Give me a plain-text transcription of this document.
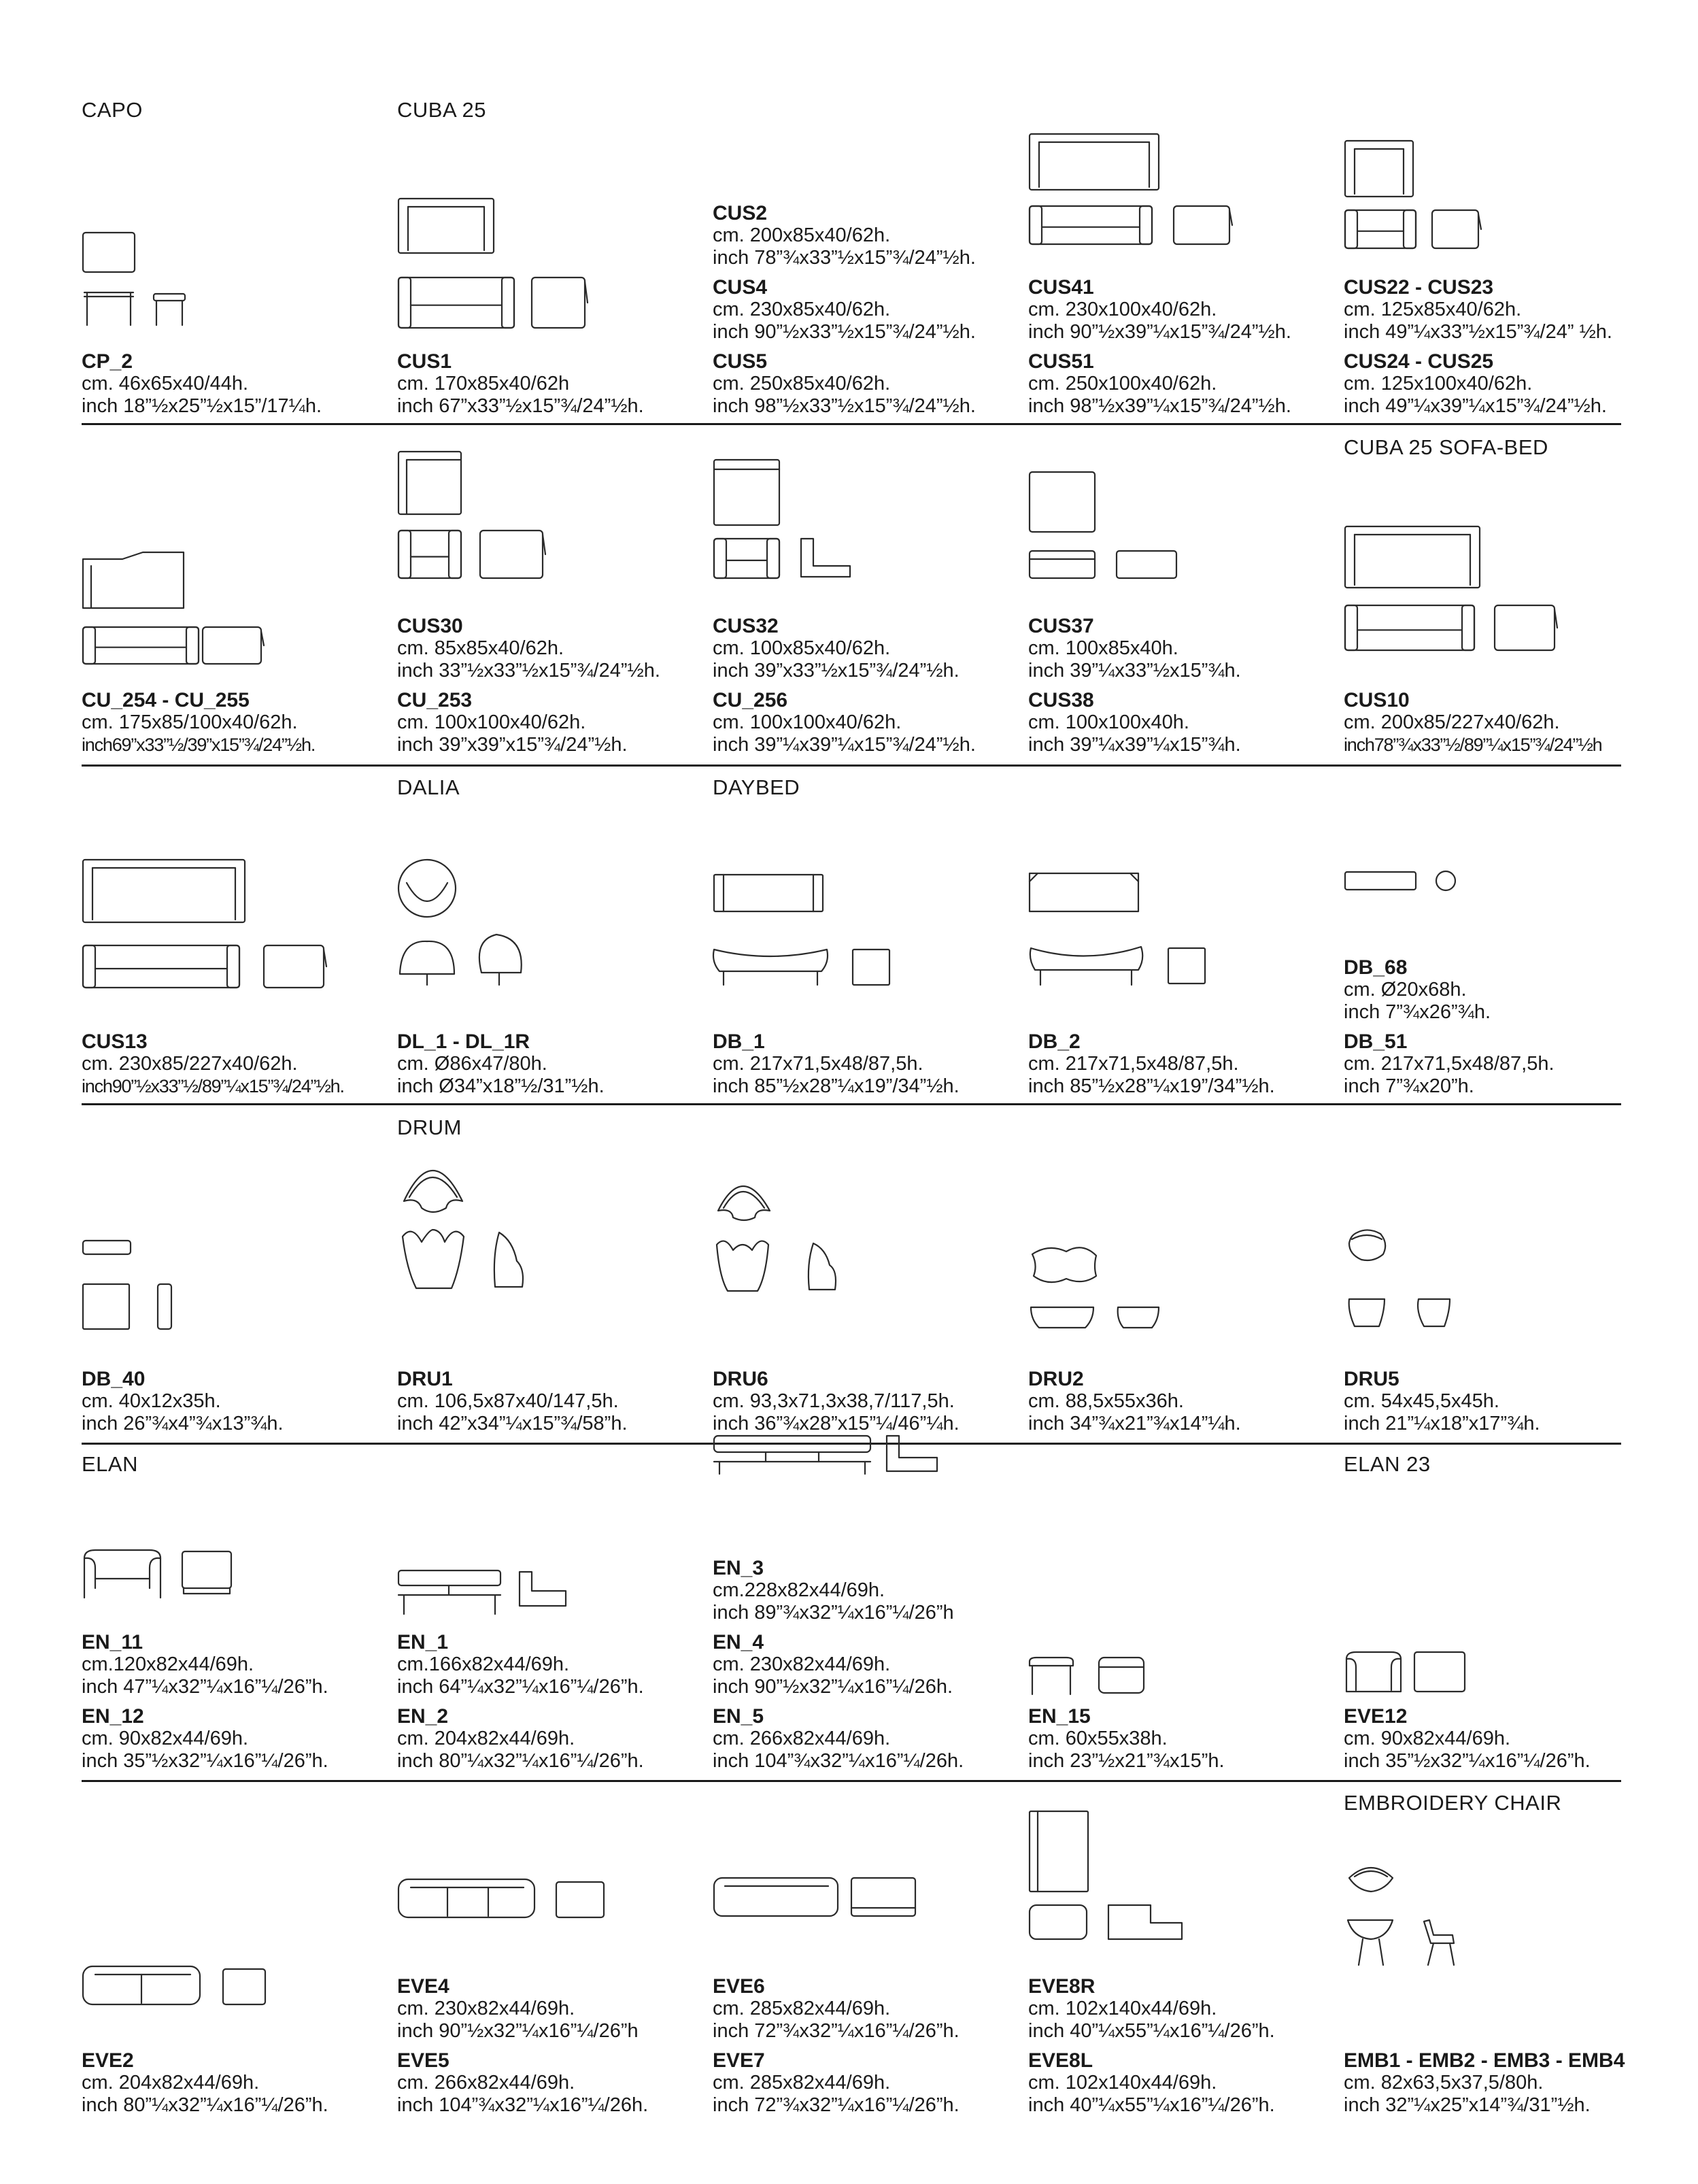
CAPO
CP_2
cm. 46x65x40/44h.
inch 18”½x25”½x15”/17¼h.
CUBA 25
CUS1
cm. 170x85x40/62h
inch 67”x33”½x15”¾/24”½h.
CUS2
cm. 200x85x40/62h.
inch 78”¾x33”½x15”¾/24”½h.
CUS4
cm. 230x85x40/62h.
inch 90”½x33”½x15”¾/24”½h.
CUS5
cm. 250x85x40/62h.
inch 98”½x33”½x15”¾/24”½h.
CUS41
cm. 230x100x40/62h.
inch 90”½x39”¼x15”¾/24”½h.
CUS51
cm. 250x100x40/62h.
inch 98”½x39”¼x15”¾/24”½h.
CUS22 - CUS23
cm. 125x85x40/62h.
inch 49”¼x33”½x15”¾/24” ½h.
CUS24 - CUS25
cm. 125x100x40/62h.
inch 49”¼x39”¼x15”¾/24”½h.
CU_254 - CU_255
cm. 175x85/100x40/62h.
inch69”x33”½/39”x15”¾/24”½h.
CUS30
cm. 85x85x40/62h.
inch 33”½x33”½x15”¾/24”½h.
CU_253
cm. 100x100x40/62h.
inch 39”x39”x15”¾/24”½h.
CUS32
cm. 100x85x40/62h.
inch 39”x33”½x15”¾/24”½h.
CU_256
cm. 100x100x40/62h.
inch 39”¼x39”¼x15”¾/24”½h.
CUS37
cm. 100x85x40h.
inch 39”¼x33”½x15”¾h.
CUS38
cm. 100x100x40h.
inch 39”¼x39”¼x15”¾h.
CUBA 25 SOFA-BED
CUS10
cm. 200x85/227x40/62h.
inch78”¾x33”½/89”¼x15”¾/24”½h
CUS13
cm. 230x85/227x40/62h.
inch90”½x33”½/89”¼x15”¾/24”½h.
DALIA
DL_1 - DL_1R
cm. Ø86x47/80h.
inch Ø34”x18”½/31”½h.
DAYBED
DB_1
cm. 217x71,5x48/87,5h.
inch 85”½x28”¼x19”/34”½h.
DB_2
cm. 217x71,5x48/87,5h.
inch 85”½x28”¼x19”/34”½h.
DB_68
cm. Ø20x68h.
inch 7”¾x26”¾h.
DB_51
cm. 217x71,5x48/87,5h.
inch 7”¾x20”h.
DB_40
cm. 40x12x35h.
inch 26”¾x4”¾x13”¾h.
DRUM
DRU1
cm. 106,5x87x40/147,5h.
inch 42”x34”¼x15”¾/58”h.
DRU6
cm. 93,3x71,3x38,7/117,5h.
inch 36”¾x28”x15”¼/46”¼h.
DRU2
cm. 88,5x55x36h.
inch 34”¾x21”¾x14”¼h.
DRU5
cm. 54x45,5x45h.
inch 21”¼x18”x17”¾h.
ELAN
EN_11
cm.120x82x44/69h.
inch 47”¼x32”¼x16”¼/26”h.
EN_12
cm. 90x82x44/69h.
inch 35”½x32”¼x16”¼/26”h.
EN_1
cm.166x82x44/69h.
inch 64”¼x32”¼x16”¼/26”h.
EN_2
cm. 204x82x44/69h.
inch 80”¼x32”¼x16”¼/26”h.
EN_3
cm.228x82x44/69h.
inch 89”¾x32”¼x16”¼/26”h
EN_4
cm. 230x82x44/69h.
inch 90”½x32”¼x16”¼/26h.
EN_5
cm. 266x82x44/69h.
inch 104”¾x32”¼x16”¼/26h.
EN_15
cm. 60x55x38h.
inch 23”½x21”¾x15”h.
ELAN 23
EVE12
cm. 90x82x44/69h.
inch 35”½x32”¼x16”¼/26”h.
EVE2
cm. 204x82x44/69h.
inch 80”¼x32”¼x16”¼/26”h.
EVE4
cm. 230x82x44/69h.
inch 90”½x32”¼x16”¼/26”h
EVE5
cm. 266x82x44/69h.
inch 104”¾x32”¼x16”¼/26h.
EVE6
cm. 285x82x44/69h.
inch 72”¾x32”¼x16”¼/26”h.
EVE7
cm. 285x82x44/69h.
inch 72”¾x32”¼x16”¼/26”h.
EVE8R
cm. 102x140x44/69h.
inch 40”¼x55”¼x16”¼/26”h.
EVE8L
cm. 102x140x44/69h.
inch 40”¼x55”¼x16”¼/26”h.
EMBROIDERY CHAIR
EMB1 - EMB2 - EMB3 - EMB4
cm. 82x63,5x37,5/80h.
inch 32”¼x25”x14”¾/31”½h.
